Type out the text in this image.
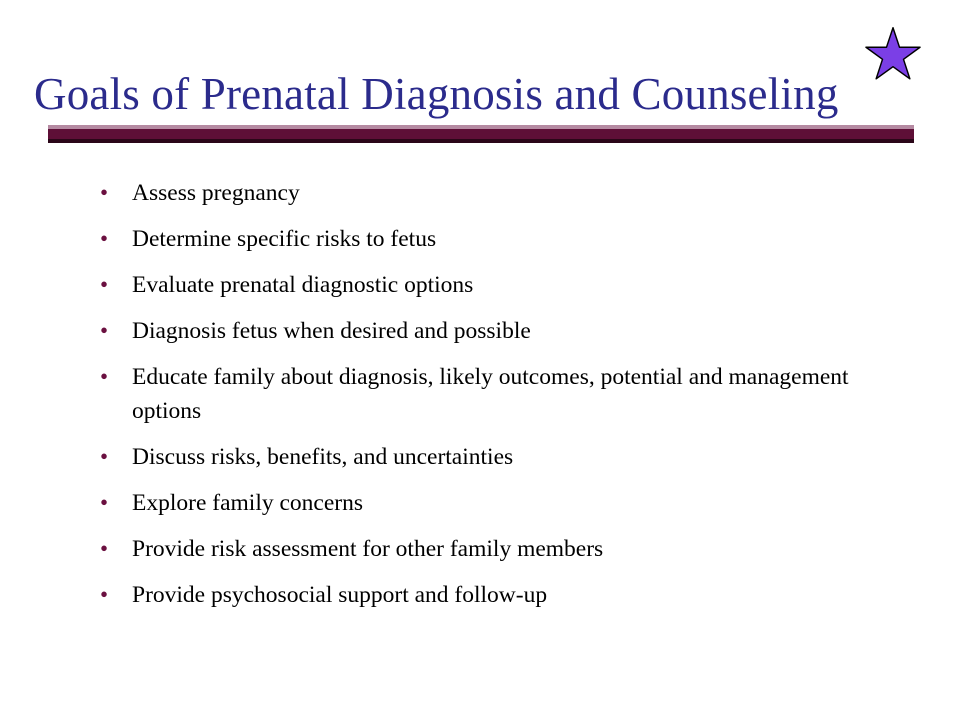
Goals of Prenatal Diagnosis and Counseling
• Assess pregnancy
• Determine specific risks to fetus
• Evaluate prenatal diagnostic options
• Diagnosis fetus when desired and possible
• Educate family about diagnosis, likely outcomes, potential and management options
• Discuss risks, benefits, and uncertainties
• Explore family concerns
• Provide risk assessment for other family members
• Provide psychosocial support and follow-up
